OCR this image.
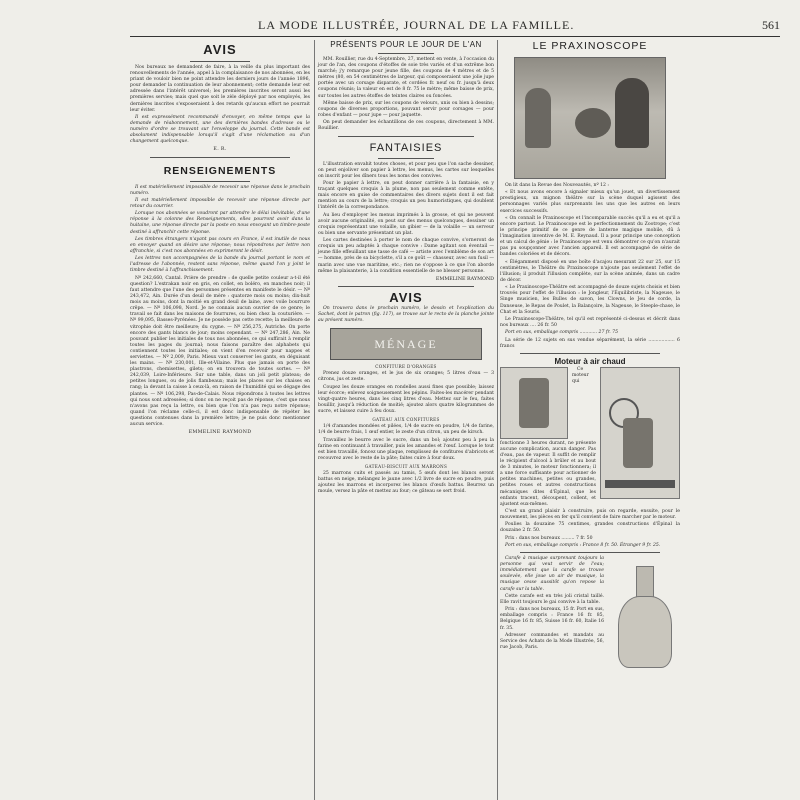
LA MODE ILLUSTRÉE, JOURNAL DE LA FAMILLE.	561
AVIS

Nos bureaux ne demandent de faire, à la veille du plus important des renouvellements de l'année, appel à la complaisance de nos abonnées, en les priant de vouloir bien ne point attendre les derniers jours de l'année 1896, pour demander la continuation de leur abonnement; cette demande leur est adressée dans l'intérêt universel; les premières inscrites seront aussi les premières servies; mais quel que soit le zèle déployé par nos employés, les dernières inscrites s'exposeraient à des retards qu'aucun effort ne pourrait leur éviter.

Il est expressément recommandé d'envoyer, en même temps que la demande de réabonnement, une des dernières bandes d'adresse ou le numéro d'ordre se trouvant sur l'enveloppe du journal. Cette bande est absolument indispensable lorsqu'il s'agit d'une réclamation ou d'un changement quelconque.

E. R.
RENSEIGNEMENTS

Il est matériellement impossible de recevoir une réponse dans le prochain numéro.

Il est matériellement impossible de recevoir une réponse directe par retour du courrier.

Lorsque nos abonnées se voudront par attendre le délai inévitable, d'une réponse à la colonne des Renseignements, elles pourront avoir dans la huitaine, une réponse directe par la poste en nous envoyant un timbre-poste destiné à affranchir cette réponse.

Les timbres étrangers n'ayant pas cours en France, il est inutile de nous en envoyer quand on désire une réponse; nous répondrons par lettre non affranchie, si c'est nos abonnées en exprimeront le désir.

Les lettres non accompagnées de la bande du journal portant le nom et l'adresse de l'abonnée, restent sans réponse, même quand l'on y joint le timbre destiné à l'affranchissement.

Nº 242,660, Cantal. Prière de prendre : de quelle petite couleur a-t-il été question? L'extrakan noir en gris, en collet, en boléro, en manches noir; il faut attendre que l'une des personnes présentes en manifeste le désir. — Nº 243,472, Ain. Durée d'un deuil de mère : quatorze mois ou moins; dix-huit mois au moins, dont la moitié en grand deuil de laine, avec voile bourrure crêpe. — Nº 106,098, Nord. Je ne connais aucun ouvrier de ce genre; le travail se fait dans les maisons de fourrures, ou bien chez la couturière. — Nº 99,095, Basses-Pyrénées. Je ne possède pas cette recette; la meilleure de vitrophie doit être meilleure; du cygne. — Nº 256,275, Autriche. On porte encore des gants blancs de jour; moins cependant. — Nº 247,286, Ain. Ne pouvant publier les initiales de tous nos abonnées, ce qui suffirait à remplir toutes les pages du journal; nous faisons paraître des alphabets qui contiennent toutes les initiales; on vient d'en recevoir pour nappes et serviettes. — Nº 2,009, Paris. Mieux vaut conserver les gants, en déguisant les mains. — Nº 230,001, Ille-et-Vilaine. Plus que jamais on porte des plastrons, chemisettes, gilets; on en trouvera de toutes sortes. — Nº 242,039, Loire-Inférieure. Sur une table, dans un joli petit plateau; de petites longues, ou de jolis flambeaux; mais les places sur les chaises en rang; la devant la caisse à ceux-là, en raison de l'humidité qui se dégage des plantes. — Nº 106,298, Pas-de-Calais. Nous répondrons à toutes les lettres qui nous sont adressées; si donc on ne reçoit pas de réponse, c'est que nous n'avons pas reçu la lettre, ou bien que l'on n'a pas reçu notre réponse; quand l'on réclame celle-ci, il est donc indispensable de répéter les questions contenues dans la première lettre; je ne puis donc mentionner aucun service.

EMMELINE RAYMOND
PRÉSENTS POUR LE JOUR DE L'AN

MM. Rouillier, rue du 4-Septembre, 27, mettent en vente, à l'occasion du jour de l'an, des coupons d'étoffes de soie très variés et d'un extrême bon marché; j'y remarque pour jeune fille, des coupons de 4 mètres et de 5 mètres (80, en 54 centimètres de largeur, qui composeraient une jolie jupe portée avec un corsage disparate, et cordées fr. neuf ou fr. jusqu'à deux coupons réunis; la valeur en est de 8 fr. 75 le mètre; même baisse de prix, sur toutes les autres étoffes de teintes claires ou foncées.

Même baisse de prix, sur les coupons de velours, unis ou bien à dessins; coupons de diverses proportions, pouvant servir pour corsages — pour robes d'enfant — pour jupe — pour jaquette.

On peut demander les échantillons de ces coupons, directement à MM. Rouillier.

FANTAISIES

L'illustration envahit toutes choses, et pour peu que l'on sache dessiner, on peut enjoliver son papier à lettre, les menus, les cartes sur lesquelles on inscrit pour les dîners tous les noms des convives.

Pour le papier à lettre, on peut donner carrière à la fantaisie, en y traçant quelques croquis à la plume, non pas seulement comme entête, mais encore en guise de commentaires des divers sujets dont il est fait mention au cours de la lettre; croquis un peu humoristiques, qui doublent l'intérêt de la correspondance.

Au lieu d'employer les menus imprimés à la grosse, et qui ne peuvent avoir aucune originalité, on peut sur des menus quelconques, dessiner un croquis représentant une volaille, un gibier — de la volaille — un serveur ou bien une servante présentant un plat.

Les cartes destinées à porter le nom de chaque convive, s'orneront de croquis un peu adaptés à chaque convive : Dame agitant son éventail — jeune fille effeuillant une tasse de café — artiste avec l'emblème de son art — homme, près de sa bicyclette, s'il a ce goût — chasseur, avec son fusil — marin avec une vue maritime, etc.; rien ne s'oppose à ce que l'on aborde même la plaisanterie, à la condition essentielle de ne blesser personne.

EMMELINE RAYMOND
AVIS

On trouvera dans le prochain numéro, le dessin et l'explication du Sachet, dont le patron (fig. 117), se trouve sur le recto de la planche jointe au présent numéro.

MÉNAGE
CONFITURE D'ORANGES

Prenez douze oranges, et le jus de six oranges; 5 litres d'eau — 3 citrons, jus et zeste.

Coupez les douze oranges en rondelles aussi fines que possible; laissez leur écorce; enlevez soigneusement les pépins. Faites-les macérer pendant vingt-quatre heures, dans les cinq litres d'eau. Mettez sur le feu, faites bouillir, jusqu'à réduction de moitié; ajoutez alors quatre kilogrammes de sucre, et laissez cuire à feu doux.

GATEAU AUX CONFITURES

1/4 d'amandes mondées et pilées, 1/4 de sucre en poudre, 1/4 de farine, 1/4 de beurre frais, 1 œuf entier, le zeste d'un citron, un peu de kirsch.

Travaillez le beurre avec le sucre, dans un bol; ajoutez peu à peu la farine en continuant à travailler, puis les amandes et l'œuf. Lorsque le tout est bien travaillé, foncez une plaque, remplissez de confitures d'abricots et recouvrez avec le reste de la pâte; faites cuire à four doux.

GATEAU-BISCUIT AUX MARRONS

25 marrons cuits et passés au tamis, 5 œufs dont les blancs seront battus en neige, mélangez le jaune avec 1/2 livre de sucre en poudre, puis ajoutez les marrons et incorporez les blancs d'œufs battus. Beurrez un moule, versez la pâte et mettez au four; ce gâteau se sert froid.

LE PRAXINOSCOPE

On lit dans la Revue des Nouveautés, nº 12 :

« Et nous avons encore à signaler mieux qu'un jouet, un divertissement prestigieux, un mignon théâtre sur la scène duquel agissent des personnages variés plus surprenants les uns que les autres en leurs exercices successifs.

« On connaît le Praxinoscope et l'incomparable succès qu'il a eu et qu'il a encore partout. Le Praxinoscope est le perfectionnement du Zootrope; c'est le principe primitif de ce genre de lanterne magique mobile, dû à l'imagination inventive de M. E. Reynaud. Il a pour principe une conception et un calcul de génie : le Praxinoscope est venu démontrer ce qu'on n'aurait pas pu soupçonner avec l'ancien appareil. Il est accompagné de série de bandes coloriées et de décors.

« Élégamment disposé en une boîte d'acajou mesurant 22 sur 25, sur 15 centimètres, le Théâtre du Praxinoscope n'ajoute pas seulement l'effet de l'illusion; il produit l'illusion complète, sur la scène animée, dans un cadre de décor.

« Le Praxinoscope-Théâtre est accompagné de douze sujets choisis et bien trouvés pour l'effet de l'illusion : le Jongleur, l'Équilibriste, la Nageuse, le Singe musicien, les Bulles de savon, les Clowns, le Jeu de corde, la Danseuse, le Repas de Poulet, la Balançoire, la Nageuse, le Steeple-chase, le Chat et la Souris.

Le Praxinoscope-Théâtre, tel qu'il est représenté ci-dessus et décrit dans nos bureaux .... 26 fr. 50

Port en sus, emballage compris ............ 27 fr. 75

La série de 12 sujets en sus vendue séparément, la série .................. 6 francs

Moteur à air chaud

Ce moteur qui fonctionne 3 heures durant, ne présente aucune complication, aucun danger. Pas d'eau, pas de vapeur. Il suffit de remplir le récipient d'alcool à brûler et au bout de 3 minutes, le moteur fonctionnera; il a une force suffisante pour actionner de petites machines, petites ou grandes, petites roues et autres constructions mécaniques dites d'Épinal, que les enfants tracent, découpent, collent, et ajustent eux-mêmes.

C'est un grand plaisir à construire, puis on regarde, ensuite, pour le mouvement, les pièces en fer qu'il convient de faire marcher par le moteur.

Poulies la douzaine 75 centimes, grandes constructions d'Épinal la douzaine 2 fr. 50.

Prix : dans nos bureaux ......... 7 fr. 50

Port en sus, emballage compris : France 8 fr. 50. Étranger 9 fr. 25.

Carafe à musique surprenant toujours la personne qui veut servir de l'eau; immédiatement que la carafe se trouve soulevée, elle joue un air de musique, la musique cesse aussitôt qu'on repose la carafe sur la table.

Cette carafe est en très joli cristal taillé. Elle ravit toujours le gai convive à la table.

Prix : dans nos bureaux, 15 fr. Port en sus, emballage compris : France 16 fr. 85, Belgique 16 fr. 85, Suisse 16 fr. 60, Italie 16 fr. 35.

Adresser commandes et mandats au Service des Achats de la Mode Illustrée, 56, rue Jacob, Paris.
